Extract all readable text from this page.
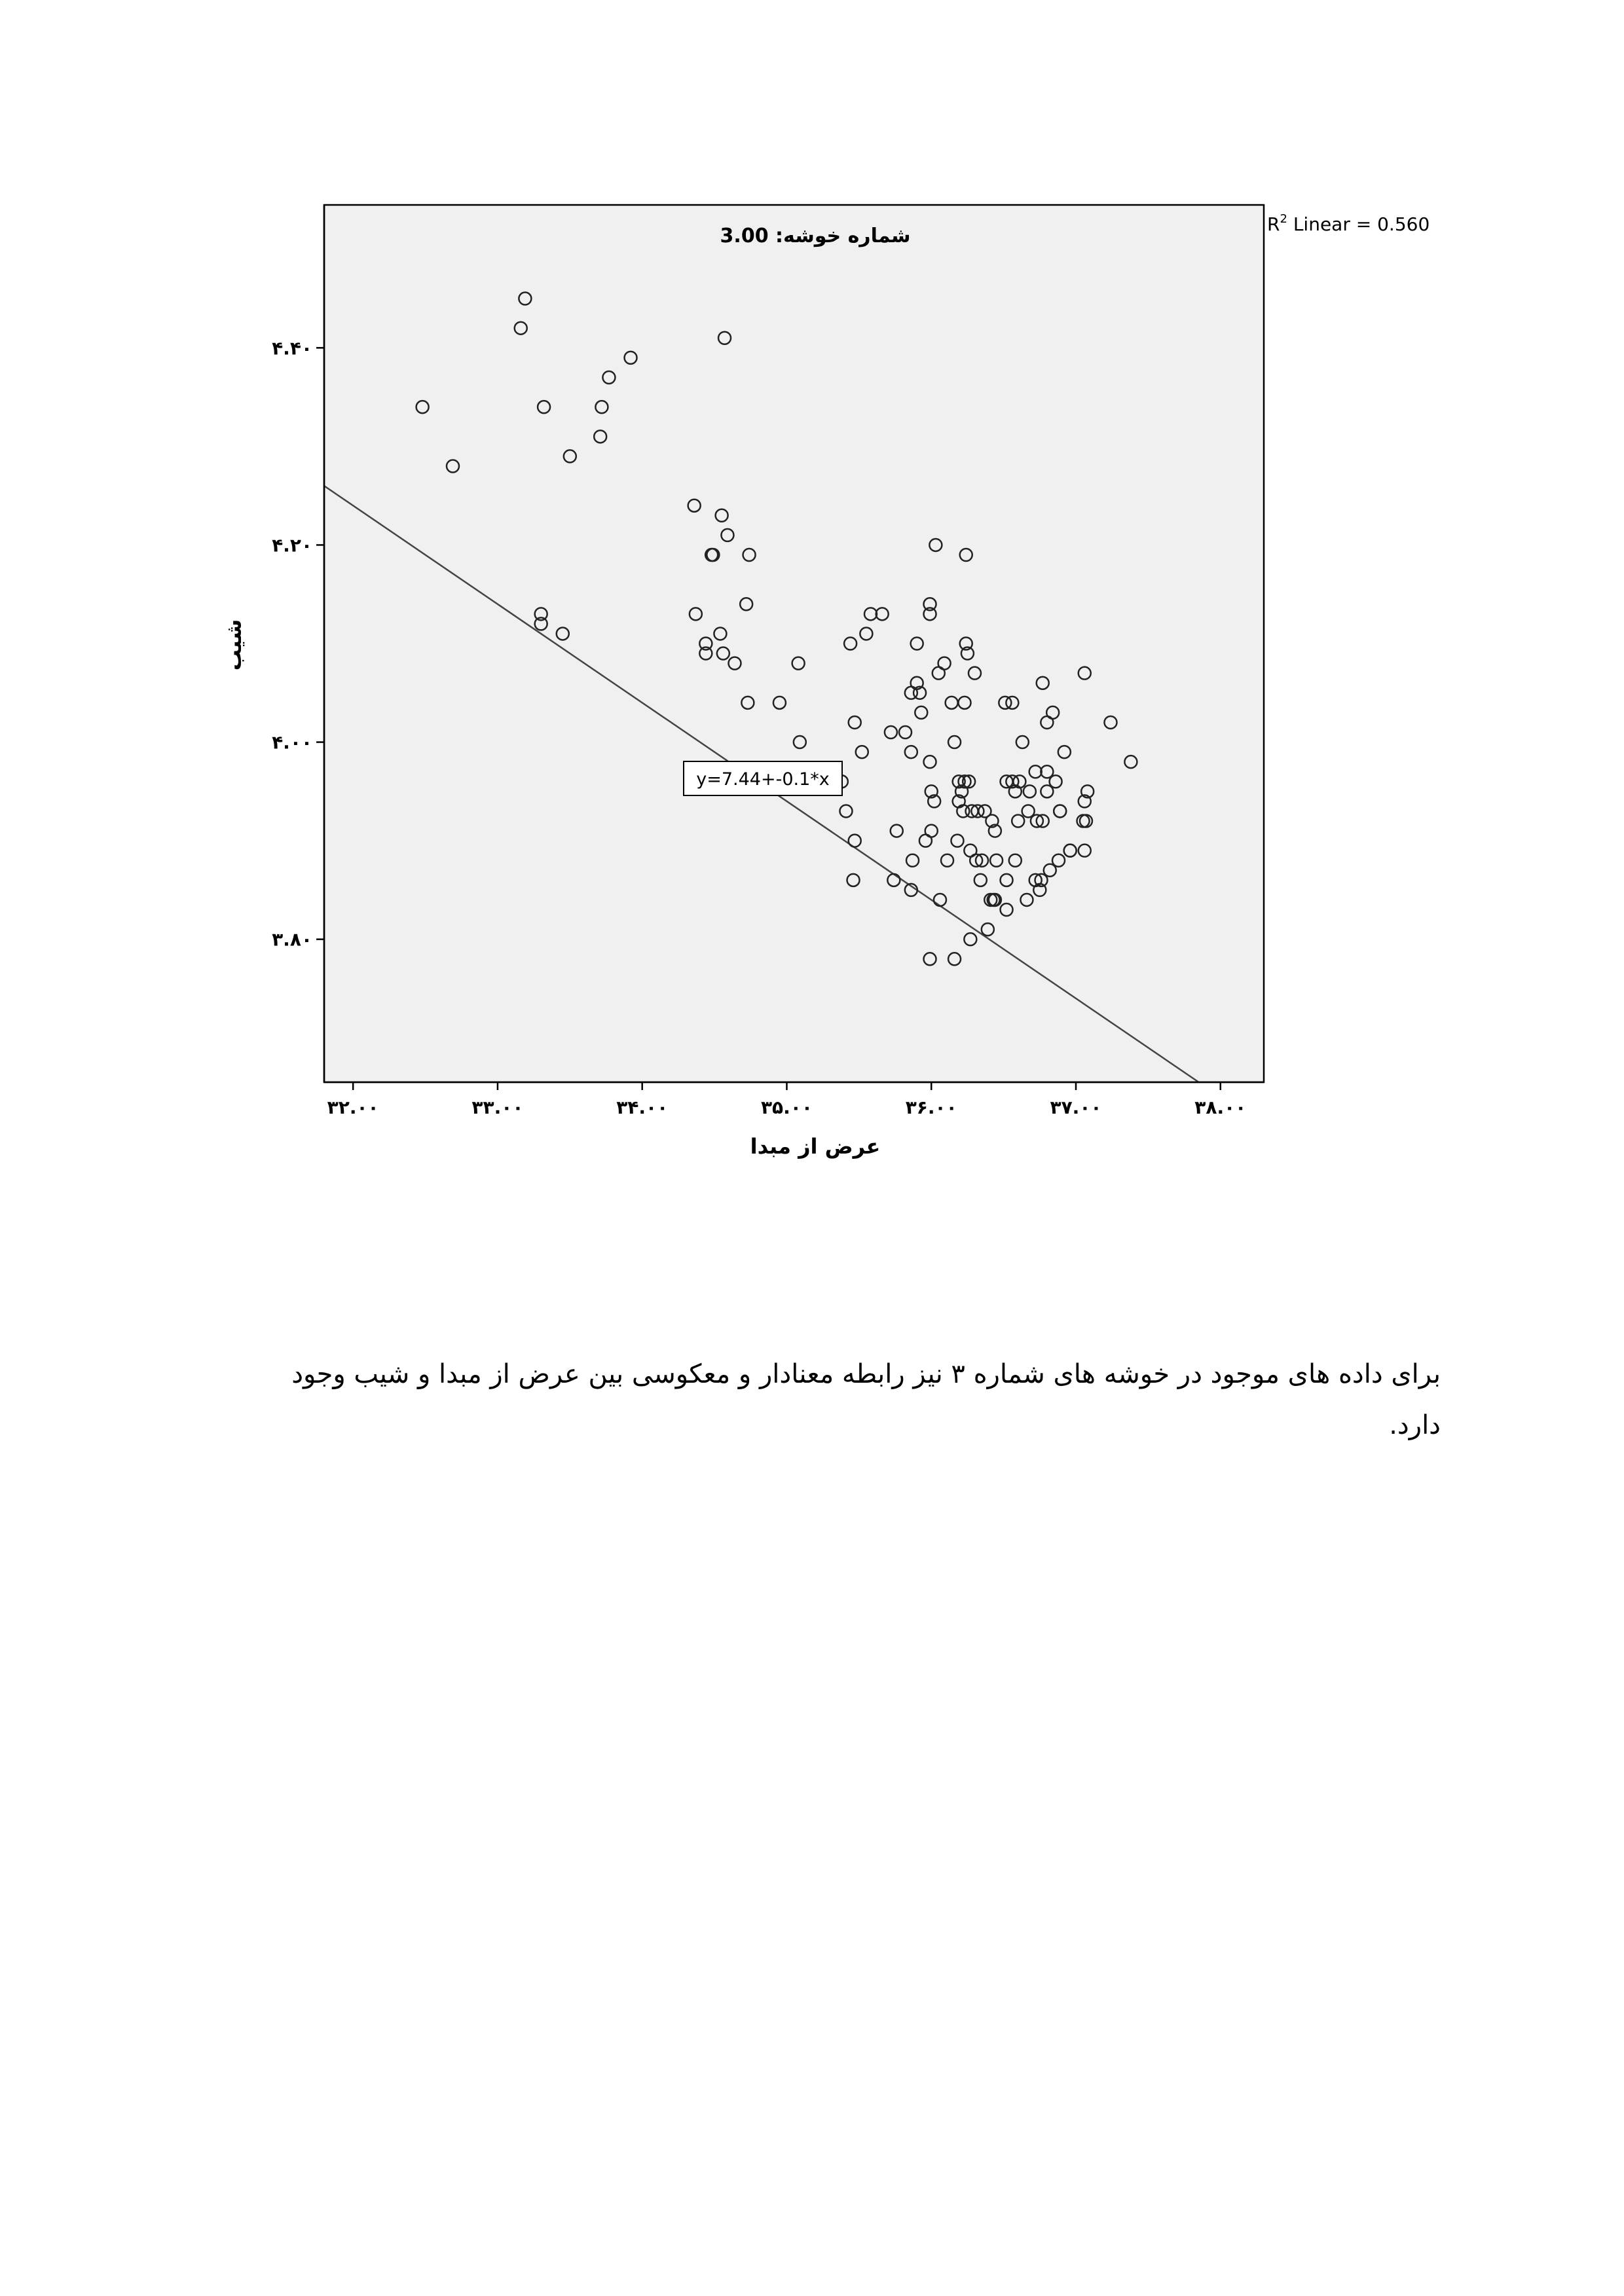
۳۲.۰۰	۳۳.۰۰	۳۴.۰۰	۳۵.۰۰	۳۶.۰۰	۳۷.۰۰	۳۸.۰۰
۳.۸۰
۴.۰۰
۴.۲۰
۴.۴۰
شماره خوشه: 3.00
$R^2$ Linear = 0.560
y=7.44+-0.1*x
عرض از مبدا
شیب
برای داده های موجود در خوشه های شماره ۳ نیز رابطه معنادار و معکوسی بین عرض از مبدا و شیب وجود
دارد.
